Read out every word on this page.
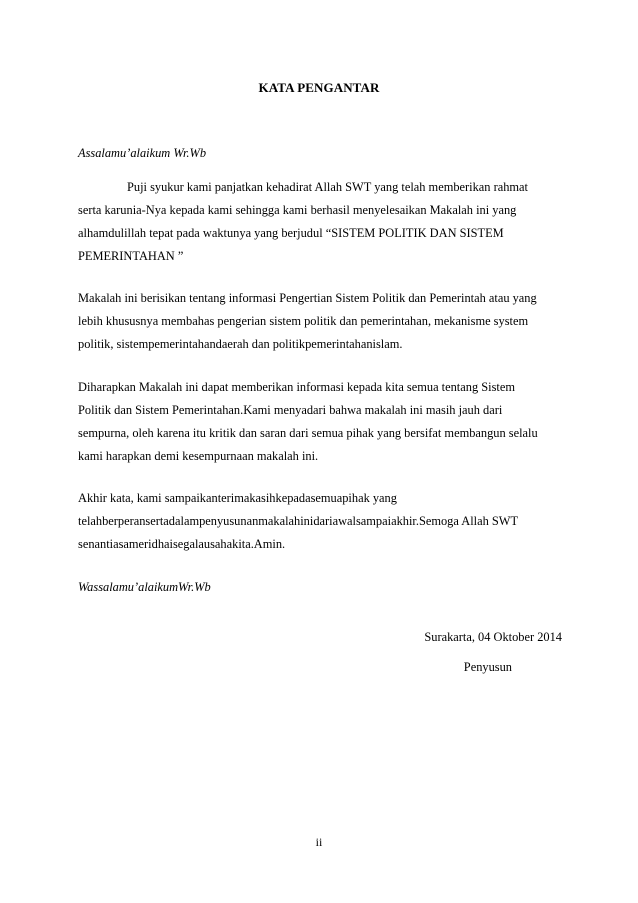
KATA PENGANTAR
Assalamu’alaikum Wr.Wb
Puji syukur kami panjatkan kehadirat Allah SWT yang telah memberikan rahmat
serta karunia-Nya kepada kami sehingga kami berhasil menyelesaikan Makalah ini yang
alhamdulillah tepat pada waktunya yang berjudul “SISTEM POLITIK DAN SISTEM
PEMERINTAHAN ”
Makalah ini berisikan tentang informasi Pengertian Sistem Politik dan Pemerintah atau yang
lebih khususnya membahas pengerian sistem politik dan pemerintahan, mekanisme system
politik, sistempemerintahandaerah dan politikpemerintahanislam.
Diharapkan Makalah ini dapat memberikan informasi kepada kita semua tentang Sistem
Politik dan Sistem Pemerintahan.Kami menyadari bahwa makalah ini masih jauh dari
sempurna, oleh karena itu kritik dan saran dari semua pihak yang bersifat membangun selalu
kami harapkan demi kesempurnaan makalah ini.
Akhir kata, kami sampaikanterimakasihkepadasemuapihak yang
telahberperansertadalampenyusunanmakalahinidariawalsampaiakhir.Semoga Allah SWT
senantiasameridhaisegalausahakita.Amin.
Wassalamu’alaikumWr.Wb
Surakarta, 04 Oktober 2014
Penyusun
ii
